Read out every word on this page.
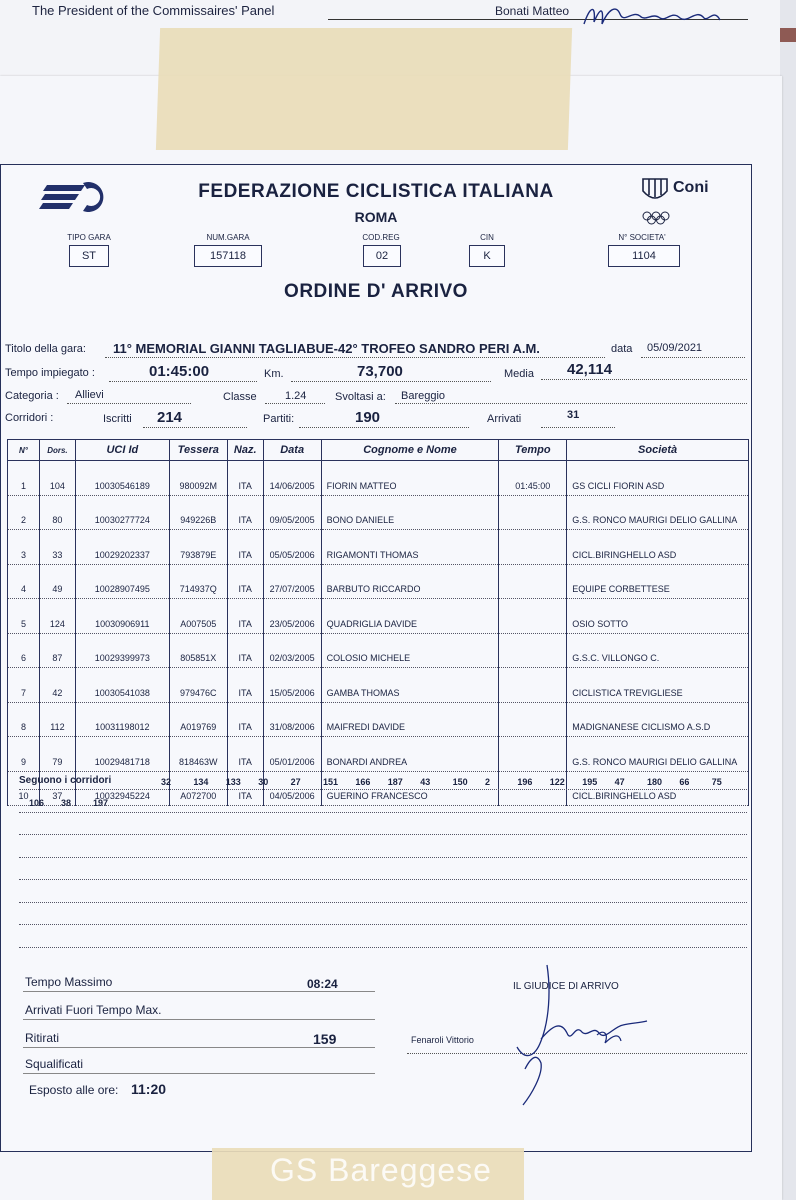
The President of the Commissaires' Panel	Bonati Matteo
FEDERAZIONE CICLISTICA ITALIANA
ROMA
Coni
TIPO GARA
ST
NUM.GARA
157118
COD.REG
02
CIN
K
N° SOCIETA'
1104
ORDINE D' ARRIVO
Titolo della gara: 11° MEMORIAL GIANNI TAGLIABUE-42° TROFEO SANDRO PERI A.M.	data 05/09/2021
Tempo impiegato :	01:45:00	Km.	73,700	Media 42,114
Categoria : Allievi	Classe	1.24	Svoltasi a: Bareggio
Corridori :	Iscritti 214	Partiti:	190	Arrivati	31
N°	Dors.	UCI Id	Tessera	Naz.	Data	Cognome e Nome	Tempo	Società
1	104	10030546189	980092M	ITA	14/06/2005	FIORIN MATTEO	01:45:00	GS CICLI FIORIN ASD
2	80	10030277724	949226B	ITA	09/05/2005	BONO DANIELE		G.S. RONCO MAURIGI DELIO GALLINA
3	33	10029202337	793879E	ITA	05/05/2006	RIGAMONTI THOMAS		CICL.BIRINGHELLO ASD
4	49	10028907495	714937Q	ITA	27/07/2005	BARBUTO RICCARDO		EQUIPE CORBETTESE
5	124	10030906911	A007505	ITA	23/05/2006	QUADRIGLIA DAVIDE		OSIO SOTTO
6	87	10029399973	805851X	ITA	02/03/2005	COLOSIO MICHELE		G.S.C. VILLONGO C.
7	42	10030541038	979476C	ITA	15/05/2006	GAMBA THOMAS		CICLISTICA TREVIGLIESE
8	112	10031198012	A019769	ITA	31/08/2006	MAIFREDI DAVIDE		MADIGNANESE CICLISMO A.S.D
9	79	10029481718	818463W	ITA	05/01/2006	BONARDI ANDREA		G.S. RONCO MAURIGI DELIO GALLINA
10	37	10032945224	A072700	ITA	04/05/2006	GUERINO FRANCESCO		CICL.BIRINGHELLO ASD
Seguono i corridori	32 134 133 30 27 151 166 187 43 150 2	196 122 195 47 180 66 75
106 38 197
Tempo Massimo	08:24
Arrivati Fuori Tempo Max.
Ritirati	159
Squalificati
Esposto alle ore: 11:20
IL GIUDICE DI ARRIVO
Fenaroli Vittorio
GS Bareggese
